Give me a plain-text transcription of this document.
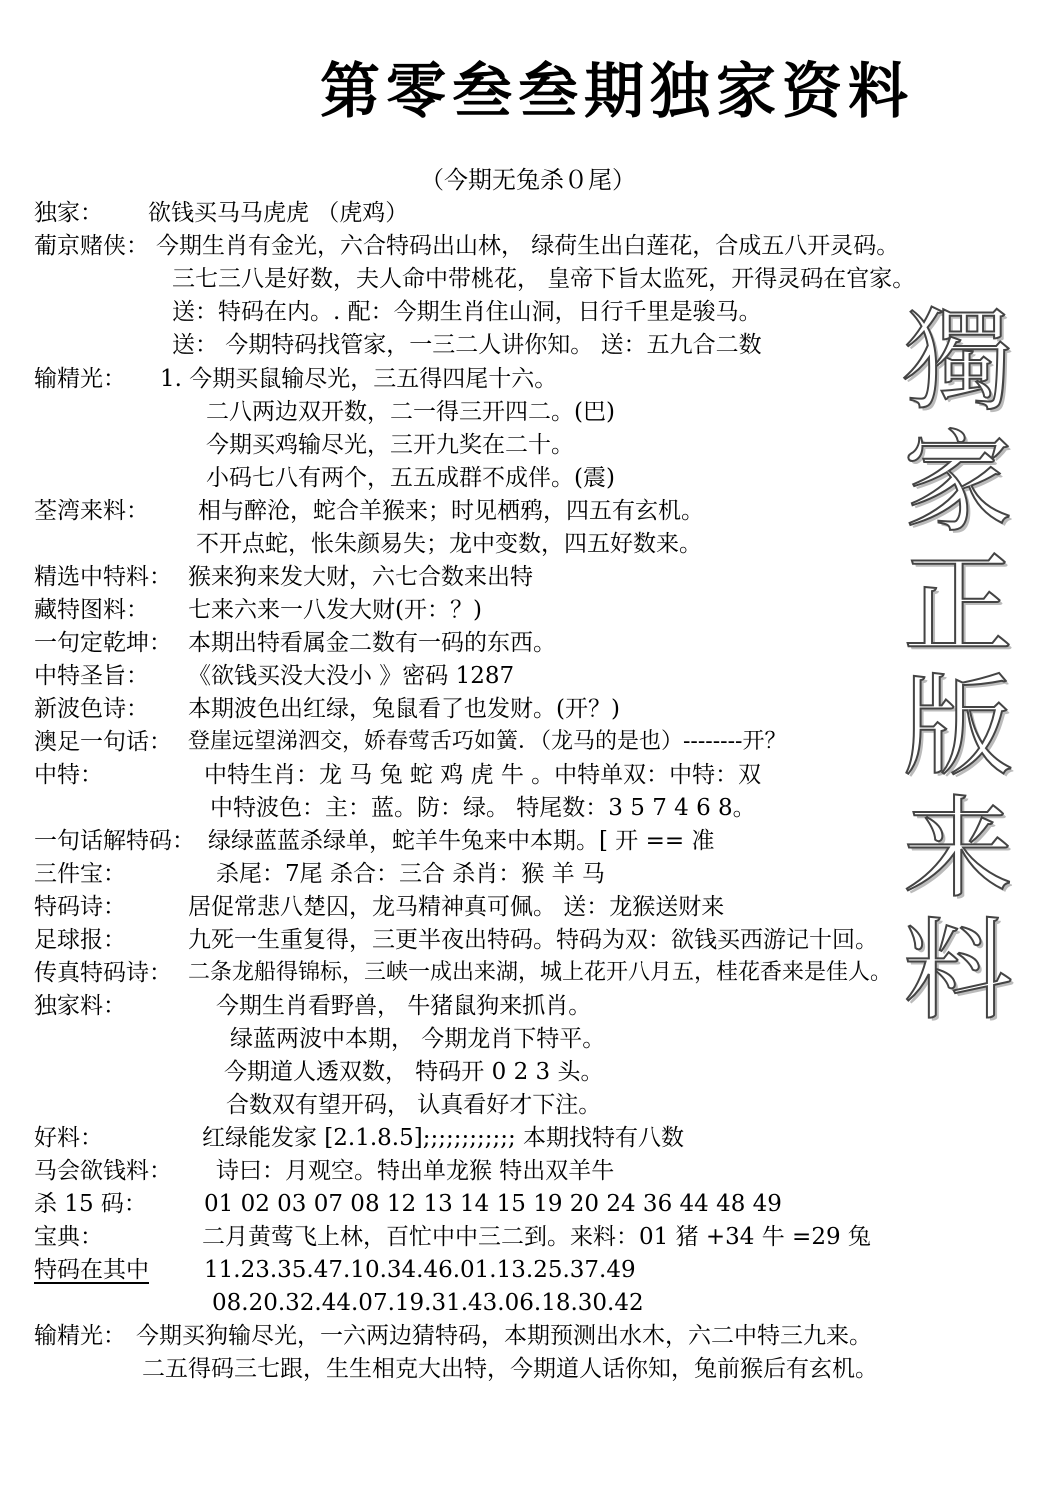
第零叁叁期独家资料
（今期无兔杀０尾）
獨
家
正
版
来
料
独家： 欲钱买马马虎虎 （虎鸡）
葡京赌侠： 今期生肖有金光，六合特码出山林， 绿荷生出白莲花，合成五八开灵码。
三七三八是好数，夫人命中带桃花， 皇帝下旨太监死，开得灵码在官家。
送：特码在内。. 配：今期生肖住山洞，日行千里是骏马。
送： 今期特码找管家，一三二人讲你知。 送：五九合二数
输精光： 1. 今期买鼠输尽光，三五得四尾十六。
二八两边双开数，二一得三开四二。(巴)
今期买鸡输尽光，三开九奖在二十。
小码七八有两个，五五成群不成伴。(震)
荃湾来料： 相与醉沧，蛇合羊猴来；时见栖鸦，四五有玄机。
不开点蛇，怅朱颜易失；龙中变数，四五好数来。
精选中特料： 猴来狗来发大财，六七合数来出特
藏特图料： 七来六来一八发大财(开：？)
一句定乾坤： 本期出特看属金二数有一码的东西。
中特圣旨： 《欲钱买没大没小 》密码 1287
新波色诗： 本期波色出红绿，兔鼠看了也发财。(开？)
澳足一句话： 登崖远望涕泗交，娇春莺舌巧如簧．（龙马的是也）--------开？
中特：	中特生肖：龙 马 兔 蛇 鸡 虎 牛 。中特单双：中特：双
中特波色：主：蓝。防：绿。 特尾数：3 5 7 4 6 8。
一句话解特码： 绿绿蓝蓝杀绿单，蛇羊牛兔来中本期。[ 开 == 准
三件宝：	杀尾：7尾 杀合：三合 杀肖：猴 羊 马
特码诗：	居促常悲八楚囚，龙马精神真可佩。 送：龙猴送财来
足球报：	九死一生重复得，三更半夜出特码。特码为双：欲钱买西游记十回。
传真特码诗： 二条龙船得锦标，三峡一成出来湖，城上花开八月五，桂花香来是佳人。
独家料：	今期生肖看野兽， 牛猪鼠狗来抓肖。
绿蓝两波中本期， 今期龙肖下特平。
今期道人透双数， 特码开 0 2 3 头。
合数双有望开码， 认真看好才下注。
好料：	红绿能发家 [2.1.8.5];;;;;;;;;;;; 本期找特有八数
马会欲钱料： 诗曰：月观空。特出单龙猴 特出双羊牛
杀 15 码： 01 02 03 07 08 12 13 14 15 19 20 24 36 44 48 49
宝典：	二月黄莺飞上林，百忙中中三二到。来料：01 猪 +34 牛 =29 兔
特码在其中 11.23.35.47.10.34.46.01.13.25.37.49
08.20.32.44.07.19.31.43.06.18.30.42
输精光： 今期买狗输尽光，一六两边猜特码，本期预测出水木，六二中特三九来。
二五得码三七跟，生生相克大出特，今期道人话你知，兔前猴后有玄机。
